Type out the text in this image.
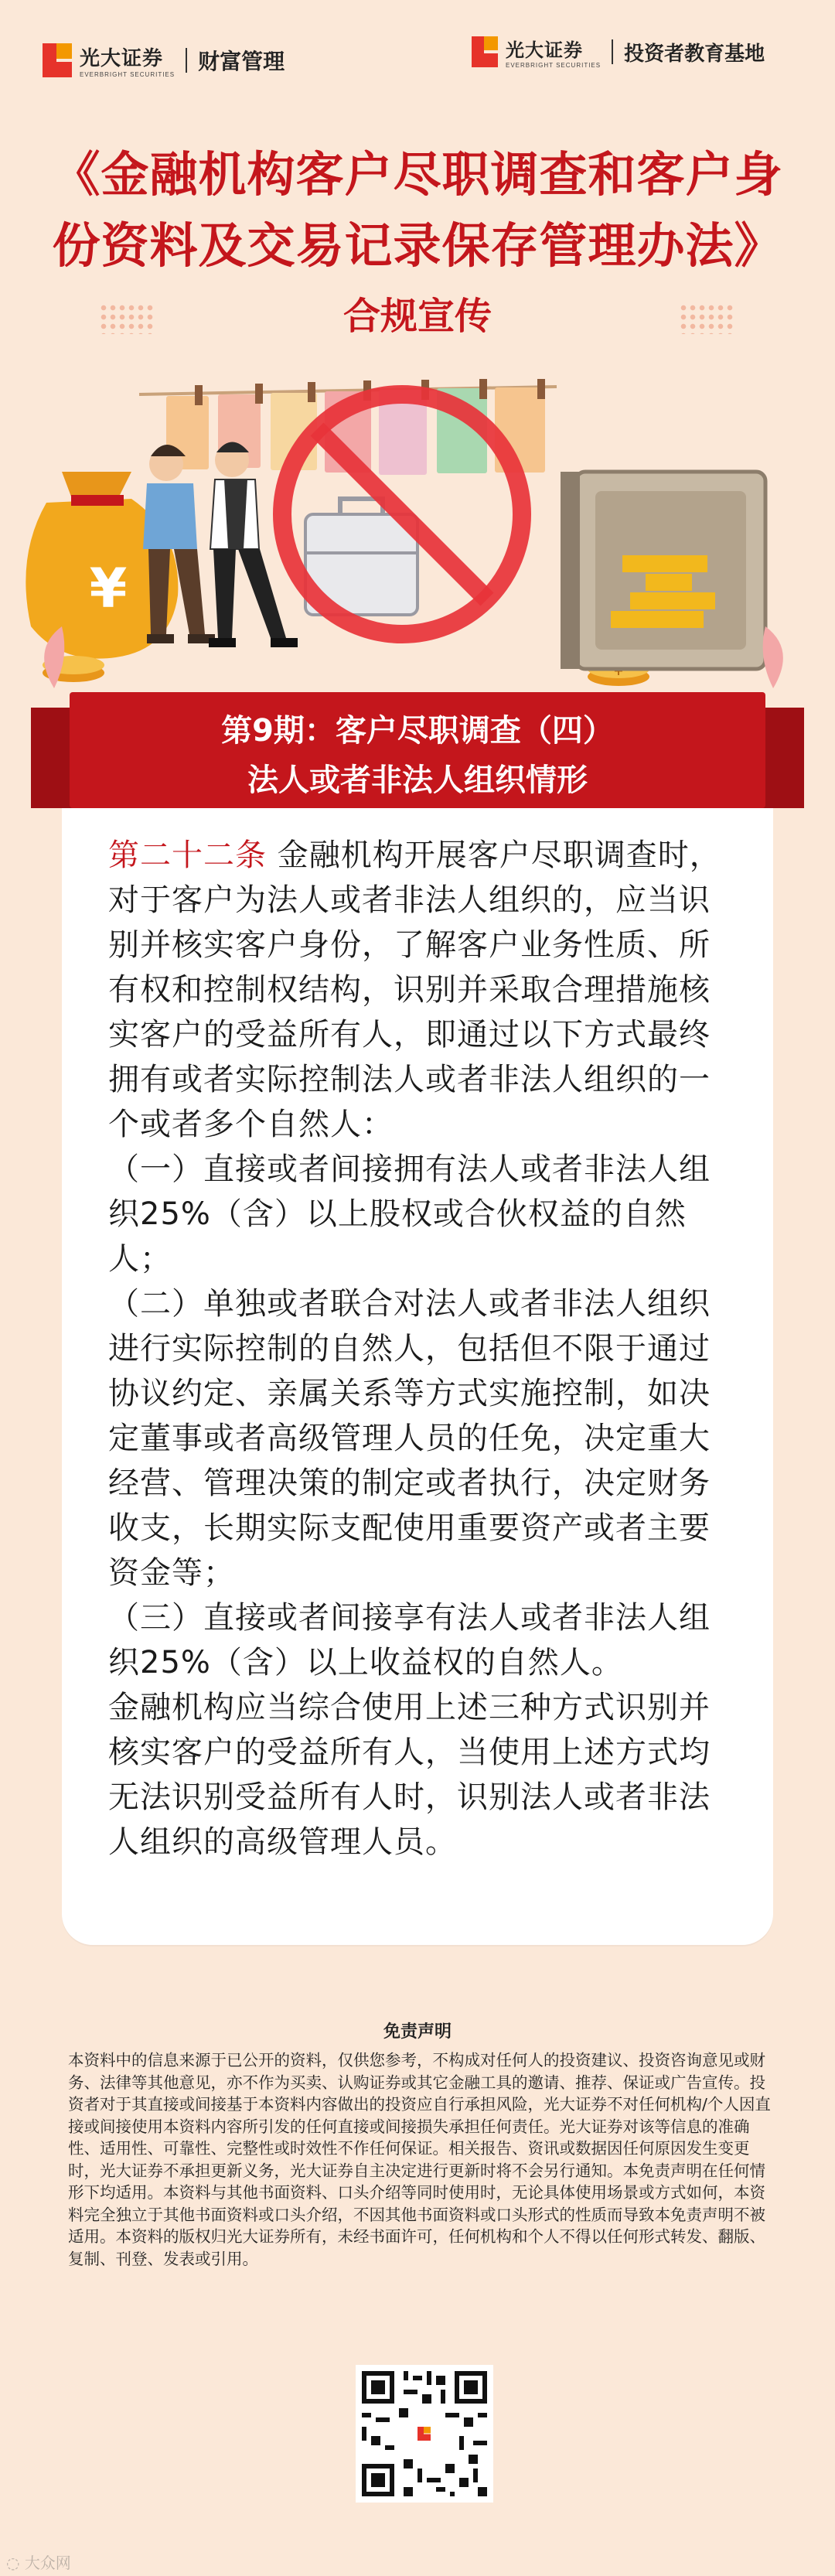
光大证券
EVERBRIGHT SECURITIES
财富管理	光大证券
EVERBRIGHT SECURITIES 投资者教育基地
《金融机构客户尽职调查和客户身
份资料及交易记录保存管理办法》
合规宣传
¥
第9期：客户尽职调查（四）
法人或者非法人组织情形

第二十二条 金融机构开展客户尽职调查时，对于客户为法人或者非法人组织的，应当识别并核实客户身份，了解客户业务性质、所有权和控制权结构，识别并采取合理措施核实客户的受益所有人，即通过以下方式最终拥有或者实际控制法人或者非法人组织的一个或者多个自然人：

（一）直接或者间接拥有法人或者非法人组织25%（含）以上股权或合伙权益的自然人；

（二）单独或者联合对法人或者非法人组织进行实际控制的自然人，包括但不限于通过协议约定、亲属关系等方式实施控制，如决定董事或者高级管理人员的任免，决定重大经营、管理决策的制定或者执行，决定财务收支，长期实际支配使用重要资产或者主要资金等；

（三）直接或者间接享有法人或者非法人组织25%（含）以上收益权的自然人。

金融机构应当综合使用上述三种方式识别并核实客户的受益所有人，当使用上述方式均无法识别受益所有人时，识别法人或者非法人组织的高级管理人员。

免责声明
本资料中的信息来源于已公开的资料，仅供您参考，不构成对任何人的投资建议、投资咨询意见或财务、法律等其他意见，亦不作为买卖、认购证券或其它金融工具的邀请、推荐、保证或广告宣传。投资者对于其直接或间接基于本资料内容做出的投资应自行承担风险，光大证券不对任何机构/个人因直接或间接使用本资料内容所引发的任何直接或间接损失承担任何责任。光大证券对该等信息的准确性、适用性、可靠性、完整性或时效性不作任何保证。相关报告、资讯或数据因任何原因发生变更时，光大证券不承担更新义务，光大证券自主决定进行更新时将不会另行通知。本免责声明在任何情形下均适用。本资料与其他书面资料、口头介绍等同时使用时，无论具体使用场景或方式如何，本资料完全独立于其他书面资料或口头介绍，不因其他书面资料或口头形式的性质而导致本免责声明不被适用。本资料的版权归光大证券所有，未经书面许可，任何机构和个人不得以任何形式转发、翻版、复制、刊登、发表或引用。
◌ 大众网
